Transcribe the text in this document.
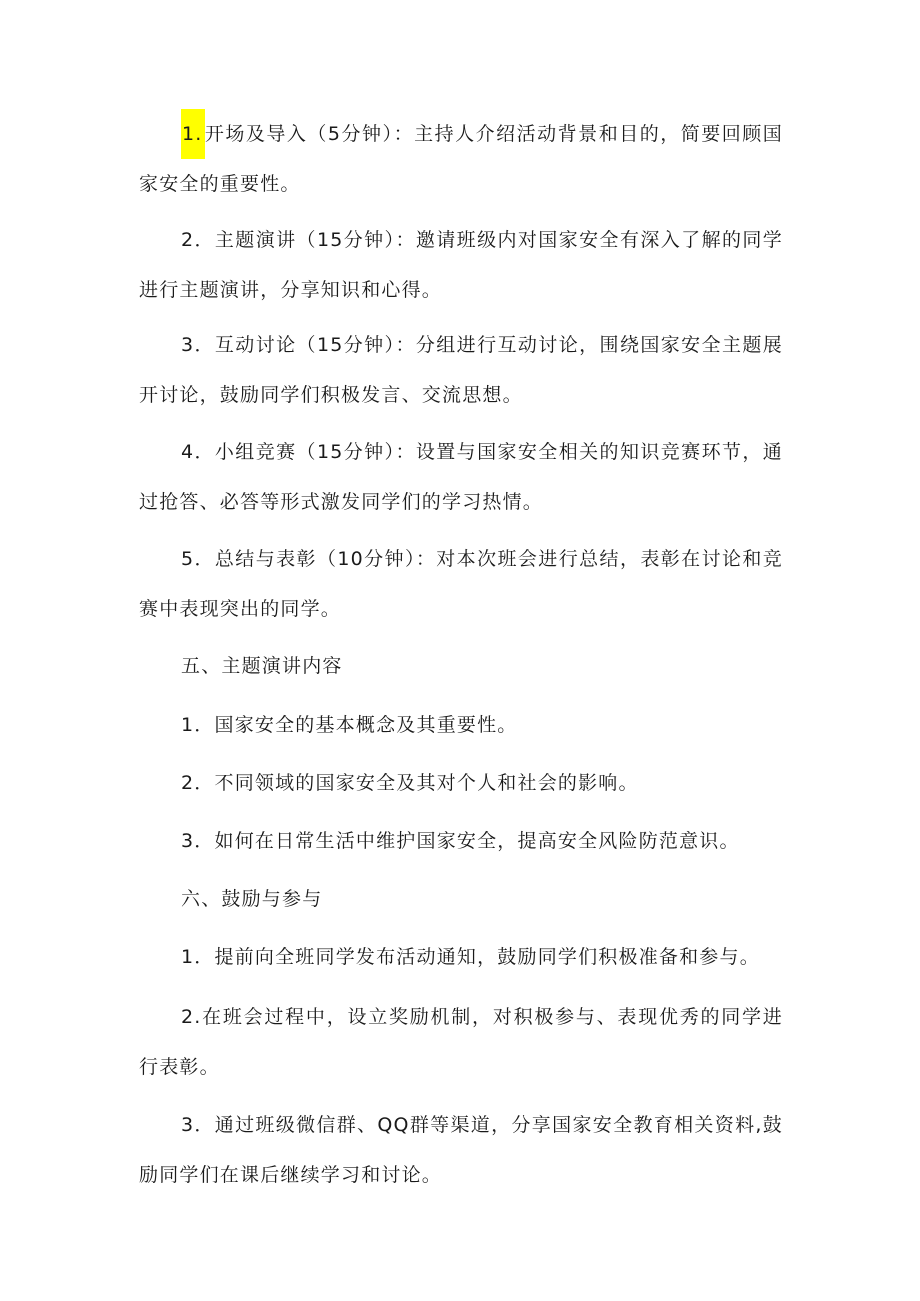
1. 开场及导入（5分钟）：主持人介绍活动背景和目的，简要回顾国家安全的重要性。

2．主题演讲（15分钟）：邀请班级内对国家安全有深入了解的同学进行主题演讲，分享知识和心得。

3．互动讨论（15分钟）：分组进行互动讨论，围绕国家安全主题展开讨论，鼓励同学们积极发言、交流思想。

4．小组竞赛（15分钟）：设置与国家安全相关的知识竞赛环节，通过抢答、必答等形式激发同学们的学习热情。

5．总结与表彰（10分钟）：对本次班会进行总结，表彰在讨论和竞赛中表现突出的同学。

五、主题演讲内容

1．国家安全的基本概念及其重要性。

2．不同领域的国家安全及其对个人和社会的影响。

3．如何在日常生活中维护国家安全，提高安全风险防范意识。

六、鼓励与参与

1．提前向全班同学发布活动通知，鼓励同学们积极准备和参与。

2.在班会过程中，设立奖励机制，对积极参与、表现优秀的同学进行表彰。

3．通过班级微信群、QQ群等渠道，分享国家安全教育相关资料,鼓励同学们在课后继续学习和讨论。
